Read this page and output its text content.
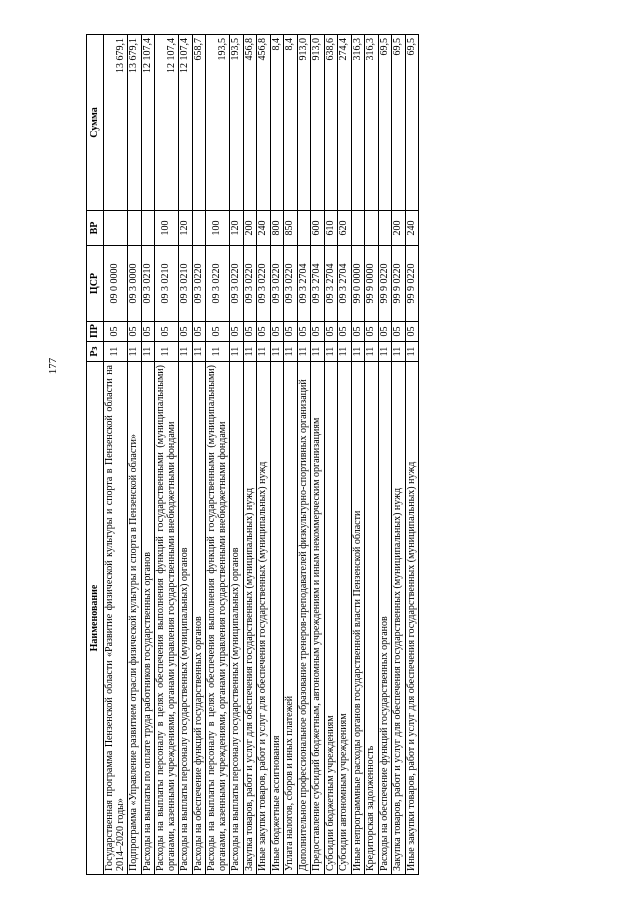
177
Наименование	Рз	ПР	ЦСР	ВР	Сумма
Государственная программа Пензенской области «Развитие физической культуры и спорта в Пензенской области на 2014–2020 годы»	11	05	09 0 0000		13 679,1
Подпрограмма «Управление развитием отрасли физической культуры и спорта в Пензенской области»	11	05	09 3 0000		13 679,1
Расходы на выплаты по оплате труда работников государственных органов	11	05	09 3 0210		12 107,4
Расходы на выплаты персоналу в целях обеспечения выполнения функций государственными (муниципальными) органами, казенными учреждениями, органами управления государственными внебюджетными фондами	11	05	09 3 0210	100	12 107,4
Расходы на выплаты персоналу государственных (муниципальных) органов	11	05	09 3 0210	120	12 107,4
Расходы на обеспечение функций государственных органов	11	05	09 3 0220		658,7
Расходы на выплаты персоналу в целях обеспечения выполнения функций государственными (муниципальными) органами, казенными учреждениями, органами управления государственными внебюджетными фондами	11	05	09 3 0220	100	193,5
Расходы на выплаты персоналу государственных (муниципальных) органов	11	05	09 3 0220	120	193,5
Закупка товаров, работ и услуг для обеспечения государственных (муниципальных) нужд	11	05	09 3 0220	200	456,8
Иные закупки товаров, работ и услуг для обеспечения государственных (муниципальных) нужд	11	05	09 3 0220	240	456,8
Иные бюджетные ассигнования	11	05	09 3 0220	800	8,4
Уплата налогов, сборов и иных платежей	11	05	09 3 0220	850	8,4
Дополнительное профессиональное образование тренеров-преподавателей физкультурно-спортивных организаций	11	05	09 3 2704		913,0
Предоставление субсидий бюджетным, автономным учреждениям и иным некоммерческим организациям	11	05	09 3 2704	600	913,0
Субсидии бюджетным учреждениям	11	05	09 3 2704	610	638,6
Субсидии автономным учреждениям	11	05	09 3 2704	620	274,4
Иные непрограммные расходы органов государственной власти Пензенской области	11	05	99 0 0000		316,3
Кредиторская задолженность	11	05	99 9 0000		316,3
Расходы на обеспечение функций государственных органов	11	05	99 9 0220		69,5
Закупка товаров, работ и услуг для обеспечения государственных (муниципальных) нужд	11	05	99 9 0220	200	69,5
Иные закупки товаров, работ и услуг для обеспечения государственных (муниципальных) нужд	11	05	99 9 0220	240	69,5
